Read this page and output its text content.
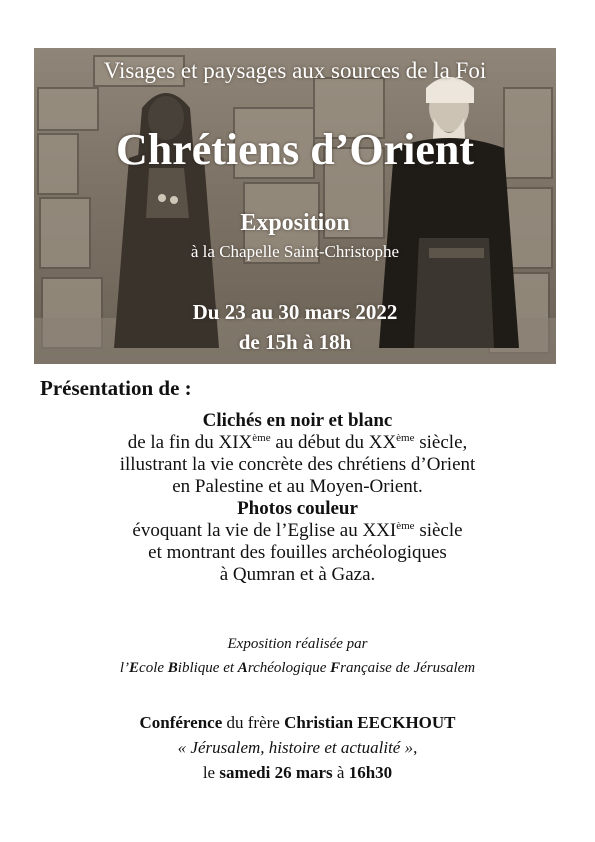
Visages et paysages aux sources de la Foi
Chrétiens d’Orient
Exposition
à la Chapelle Saint-Christophe
Du 23 au 30 mars 2022
de 15h à 18h
Présentation de :
Clichés en noir et blanc
de la fin du XIXème au début du XXème siècle,
illustrant la vie concrète des chrétiens d’Orient
en Palestine et au Moyen-Orient.
Photos couleur
évoquant la vie de l’Eglise au XXIème siècle
et montrant des fouilles archéologiques
à Qumran et à Gaza.
Exposition réalisée par
l’Ecole Biblique et Archéologique Française de Jérusalem
Conférence du frère Christian EECKHOUT
« Jérusalem, histoire et actualité »,
le samedi 26 mars à 16h30
